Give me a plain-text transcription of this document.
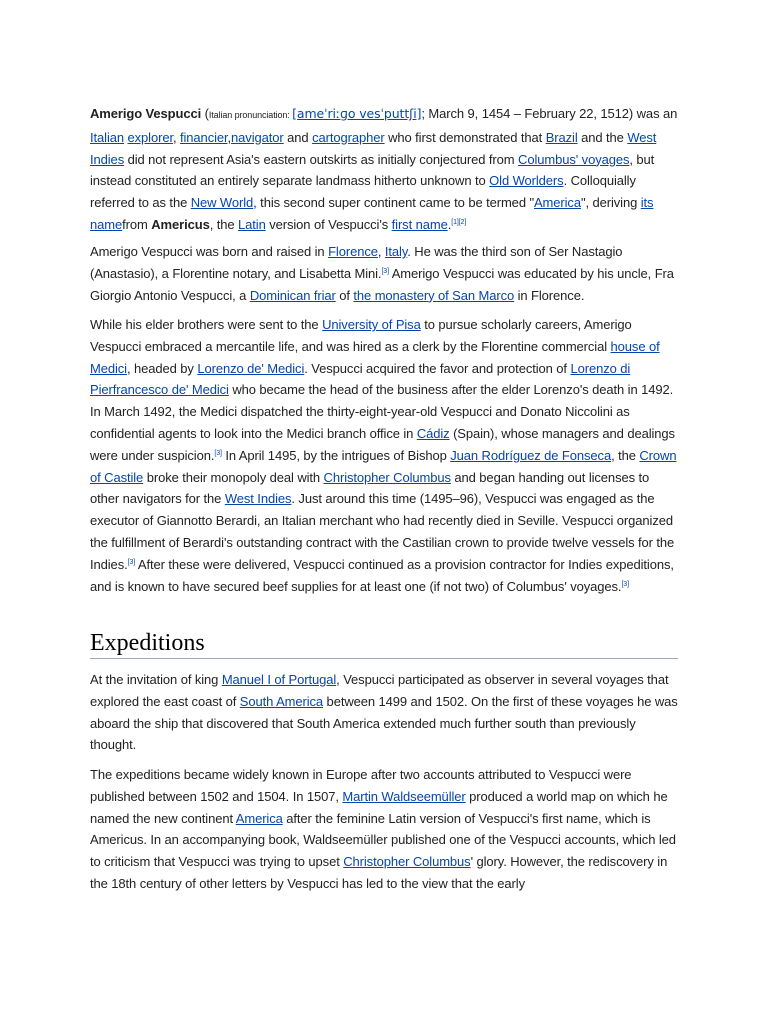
Amerigo Vespucci (Italian pronunciation: [ameˈriːɡo vesˈputtʃi]; March 9, 1454 – February 22, 1512) was an Italian explorer, financier,navigator and cartographer who first demonstrated that Brazil and the West Indies did not represent Asia's eastern outskirts as initially conjectured from Columbus' voyages, but instead constituted an entirely separate landmass hitherto unknown to Old Worlders. Colloquially referred to as the New World, this second super continent came to be termed "America", deriving its namefrom Americus, the Latin version of Vespucci's first name.[1][2]

Amerigo Vespucci was born and raised in Florence, Italy. He was the third son of Ser Nastagio (Anastasio), a Florentine notary, and Lisabetta Mini.[3] Amerigo Vespucci was educated by his uncle, Fra Giorgio Antonio Vespucci, a Dominican friar of the monastery of San Marco in Florence.

While his elder brothers were sent to the University of Pisa to pursue scholarly careers, Amerigo Vespucci embraced a mercantile life, and was hired as a clerk by the Florentine commercial house of Medici, headed by Lorenzo de' Medici. Vespucci acquired the favor and protection of Lorenzo di Pierfrancesco de' Medici who became the head of the business after the elder Lorenzo's death in 1492. In March 1492, the Medici dispatched the thirty-eight-year-old Vespucci and Donato Niccolini as confidential agents to look into the Medici branch office in Cádiz (Spain), whose managers and dealings were under suspicion.[3] In April 1495, by the intrigues of Bishop Juan Rodríguez de Fonseca, the Crown of Castile broke their monopoly deal with Christopher Columbus and began handing out licenses to other navigators for the West Indies. Just around this time (1495–96), Vespucci was engaged as the executor of Giannotto Berardi, an Italian merchant who had recently died in Seville. Vespucci organized the fulfillment of Berardi's outstanding contract with the Castilian crown to provide twelve vessels for the Indies.[3] After these were delivered, Vespucci continued as a provision contractor for Indies expeditions, and is known to have secured beef supplies for at least one (if not two) of Columbus' voyages.[3]

Expeditions

At the invitation of king Manuel I of Portugal, Vespucci participated as observer in several voyages that explored the east coast of South America between 1499 and 1502. On the first of these voyages he was aboard the ship that discovered that South America extended much further south than previously thought.

The expeditions became widely known in Europe after two accounts attributed to Vespucci were published between 1502 and 1504. In 1507, Martin Waldseemüller produced a world map on which he named the new continent America after the feminine Latin version of Vespucci's first name, which is Americus. In an accompanying book, Waldseemüller published one of the Vespucci accounts, which led to criticism that Vespucci was trying to upset Christopher Columbus' glory. However, the rediscovery in the 18th century of other letters by Vespucci has led to the view that the early
